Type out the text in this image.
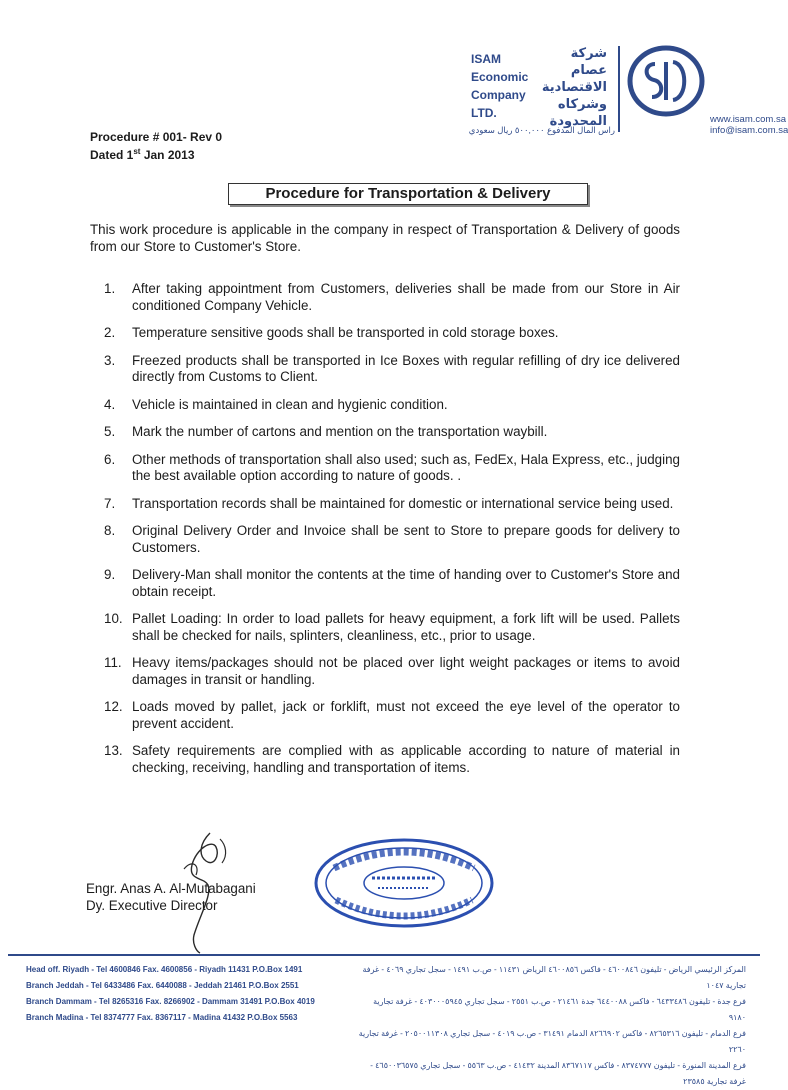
ISAM
Economic
Company
LTD.
شركة
عصام
الاقتصادية
وشركاه
المحدودة	www.isam.com.sa
info@isam.com.sa
راس المال المدفوع ٥٠٠,٠٠٠ ريال سعودي
Procedure # 001- Rev 0
Dated 1st Jan 2013
Procedure for Transportation & Delivery
This work procedure is applicable in the company in respect of Transportation & Delivery of goods from our Store to Customer's Store.
1.	After taking appointment from Customers, deliveries shall be made from our Store in Air conditioned Company Vehicle.
2.	Temperature sensitive goods shall be transported in cold storage boxes.
3.	Freezed products shall be transported in Ice Boxes with regular refilling of dry ice delivered directly from Customs to Client.
4.	Vehicle is maintained in clean and hygienic condition.
5.	Mark the number of cartons and mention on the transportation waybill.
6.	Other methods of transportation shall also used; such as, FedEx, Hala Express, etc., judging the best available option according to nature of goods. .
7.	Transportation records shall be maintained for domestic or international service being used.
8.	Original Delivery Order and Invoice shall be sent to Store to prepare goods for delivery to Customers.
9.	Delivery-Man shall monitor the contents at the time of handing over to Customer's Store and obtain receipt.
10. Pallet Loading: In order to load pallets for heavy equipment, a fork lift will be used. Pallets shall be checked for nails, splinters, cleanliness, etc., prior to usage.
11. Heavy items/packages should not be placed over light weight packages or items to avoid damages in transit or handling.
12. Loads moved by pallet, jack or forklift, must not exceed the eye level of the operator to prevent accident.
13. Safety requirements are complied with as applicable according to nature of material in checking, receiving, handling and transportation of items.
Engr. Anas A. Al-Mutabagani
Dy. Executive Director
Head off. Riyadh - Tel 4600846 Fax. 4600856 - Riyadh 11431 P.O.Box 1491
Branch Jeddah - Tel 6433486 Fax. 6440088 - Jeddah 21461 P.O.Box 2551
Branch Dammam - Tel 8265316 Fax. 8266902 - Dammam 31491 P.O.Box 4019
Branch Madina - Tel 8374777 Fax. 8367117 - Madina 41432 P.O.Box 5563
المركز الرئيسي الرياض - تليفون ٤٦٠٠٨٤٦ - فاكس ٤٦٠٠٨٥٦ الرياض ١١٤٣١ - ص.ب ١٤٩١ - سجل تجاري ٤٠٦٩ - غرفة تجارية ١٠٤٧
فرع جدة - تليفون ٦٤٣٣٤٨٦ - فاكس ٦٤٤٠٠٨٨ جدة ٢١٤٦١ - ص.ب ٢٥٥١ - سجل تجاري ٤٠٣٠٠٠٥٩٤٥ - غرفة تجارية ٩١٨٠
فرع الدمام - تليفون ٨٢٦٥٣١٦ - فاكس ٨٢٦٦٩٠٢ الدمام ٣١٤٩١ - ص.ب ٤٠١٩ - سجل تجاري ٢٠٥٠٠١١٣٠٨ - غرفة تجارية ٢٢٦٠
فرع المدينة المنورة - تليفون ٨٣٧٤٧٧٧ - فاكس ٨٣٦٧١١٧ المدينة ٤١٤٣٢ - ص.ب ٥٥٦٣ - سجل تجاري ٤٦٥٠٠٣٦٥٧٥ - غرفة تجارية ٢٣٥٨٥
